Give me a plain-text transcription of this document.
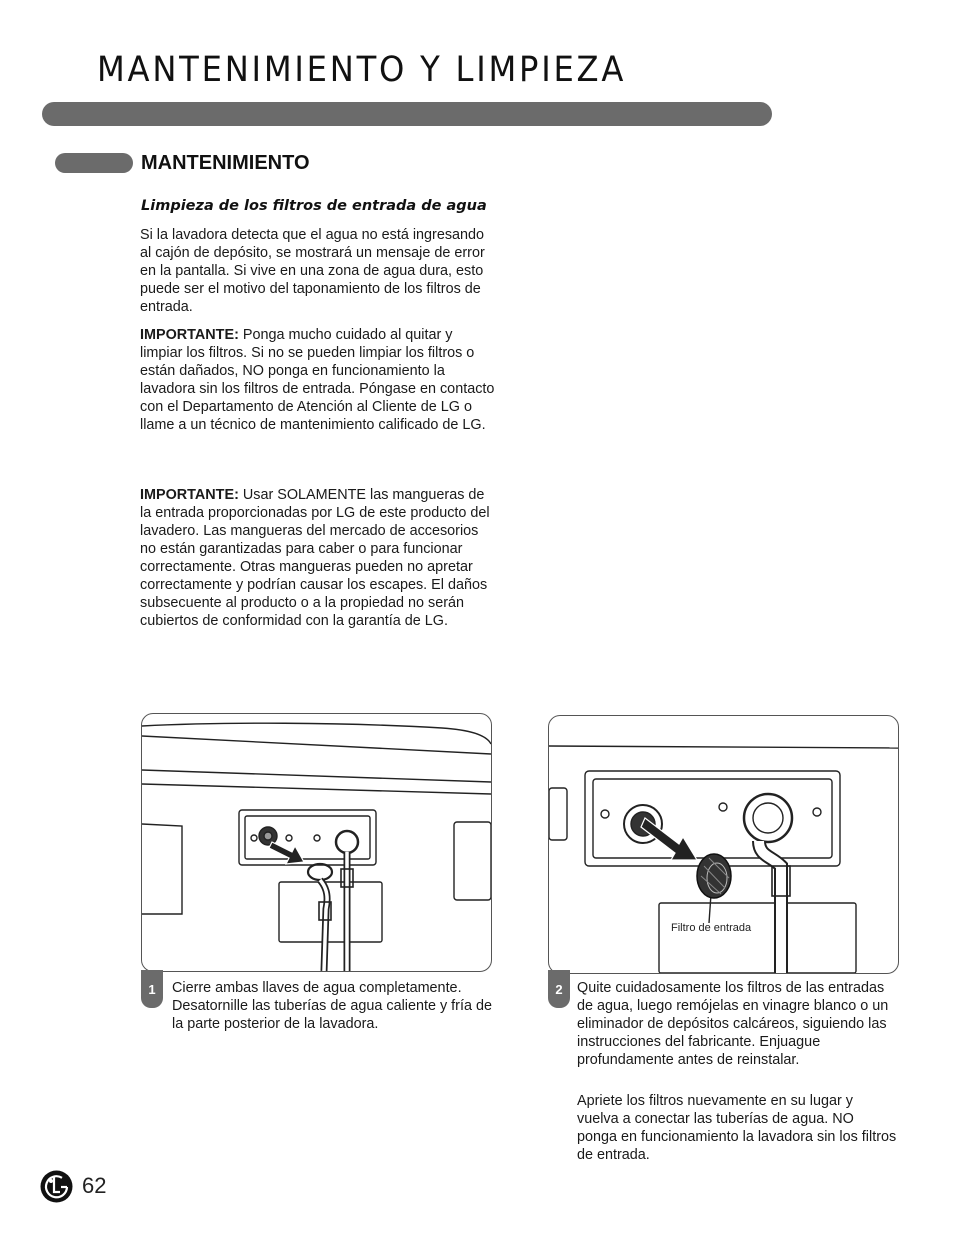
MANTENIMIENTO Y LIMPIEZA
MANTENIMIENTO
Limpieza de los filtros de entrada de agua

Si la lavadora detecta que el agua no está ingresando al cajón de depósito, se mostrará un mensaje de error en la pantalla. Si vive en una zona de agua dura, esto puede ser el motivo del taponamiento de los filtros de entrada.

IMPORTANTE: Ponga mucho cuidado al quitar y limpiar los filtros. Si no se pueden limpiar los filtros o están dañados, NO ponga en funcionamiento la lavadora sin los filtros de entrada. Póngase en contacto con el Departamento de Atención al Cliente de LG o llame a un técnico de mantenimiento calificado de LG.

IMPORTANTE: Usar SOLAMENTE las mangueras de la entrada proporcionadas por LG de este producto del lavadero. Las mangueras del mercado de accesorios no están garantizadas para caber o para funcionar correctamente. Otras mangueras pueden no apretar correctamente y podrían causar los escapes. El daños subsecuente al producto o a la propiedad no serán cubiertos de conformidad con la garantía de LG.

1	Cierre ambas llaves de agua completamente. Desatornille las tuberías de agua caliente y fría de la parte posterior de la lavadora.

Filtro de entrada
2 Quite cuidadosamente los filtros de las entradas de agua, luego remójelas en vinagre blanco o un eliminador de depósitos calcáreos, siguiendo las instrucciones del fabricante. Enjuague profundamente antes de reinstalar.

Apriete los filtros nuevamente en su lugar y vuelva a conectar las tuberías de agua. NO ponga en funcionamiento la lavadora sin los filtros de entrada.

62
